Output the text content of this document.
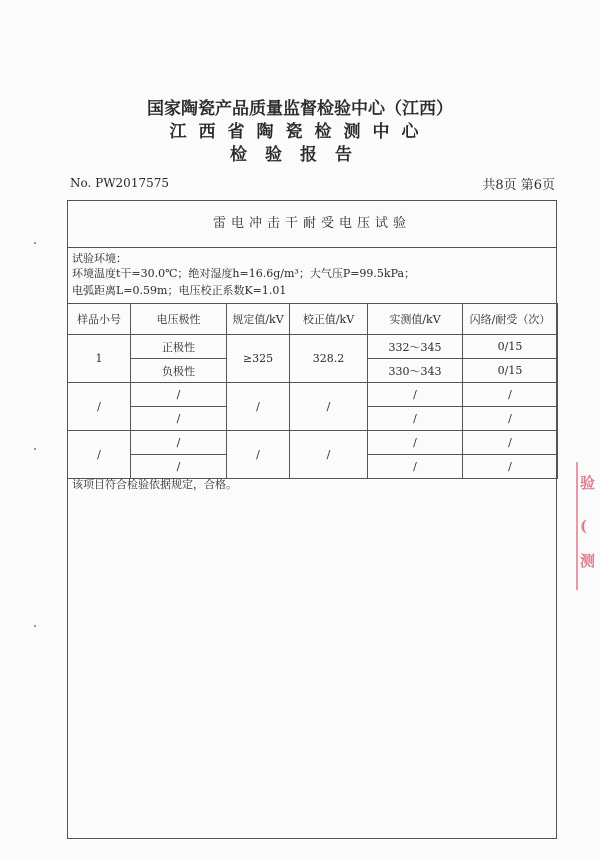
国家陶瓷产品质量监督检验中心（江西）
江西省陶瓷检测中心
检验报告
No. PW2017575	共8页 第6页
雷电冲击干耐受电压试验
试验环境：
环境温度t干=30.0℃；绝对湿度h=16.6g/m³；大气压P=99.5kPa；
电弧距离L=0.59m；电压校正系数K=1.01
样品小号	电压极性	规定值/kV	校正值/kV	实测值/kV	闪络/耐受（次）
1	正极性	≥325	328.2	332～345	0/15
	负极性			330～343	0/15
/	/	/	/	/	/
	/			/	/
/	/	/	/	/	/
	/			/	/
该项目符合检验依据规定，合格。	验
(
测
